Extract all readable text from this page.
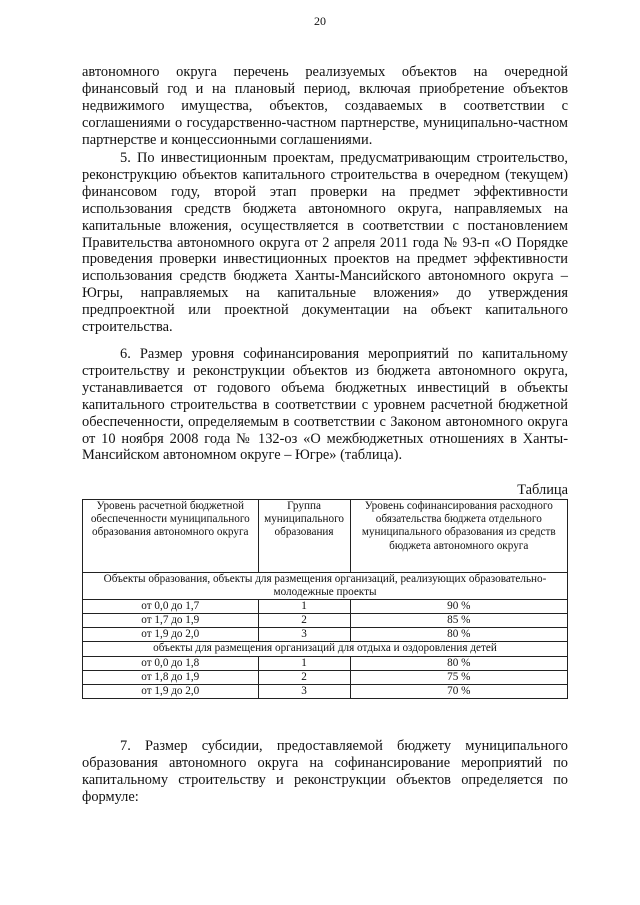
20

автономного округа перечень реализуемых объектов на очередной финансовый год и на плановый период, включая приобретение объектов недвижимого имущества, объектов, создаваемых в соответствии с соглашениями о государственно-частном партнерстве, муниципально-частном партнерстве и концессионными соглашениями.

5. По инвестиционным проектам, предусматривающим строительство, реконструкцию объектов капитального строительства в очередном (текущем) финансовом году, второй этап проверки на предмет эффективности использования средств бюджета автономного округа, направляемых на капитальные вложения, осуществляется в соответствии с постановлением Правительства автономного округа от 2 апреля 2011 года № 93-п «О Порядке проведения проверки инвестиционных проектов на предмет эффективности использования средств бюджета Ханты-Мансийского автономного округа – Югры, направляемых на капитальные вложения» до утверждения предпроектной или проектной документации на объект капитального строительства.

6. Размер уровня софинансирования мероприятий по капитальному строительству и реконструкции объектов из бюджета автономного округа, устанавливается от годового объема бюджетных инвестиций в объекты капитального строительства в соответствии с уровнем расчетной бюджетной обеспеченности, определяемым в соответствии с Законом автономного округа от 10 ноября 2008 года № 132-оз «О межбюджетных отношениях в Ханты-Мансийском автономном округе – Югре» (таблица).

Таблица
Уровень расчетной бюджетной обеспеченности муниципального образования автономного округа	Группа муниципального образования	Уровень софинансирования расходного обязательства бюджета отдельного муниципального образования из средств бюджета автономного округа
Объекты образования, объекты для размещения организаций, реализующих образовательно-молодежные проекты		
от 0,0 до 1,7	1	90 %
от 1,7 до 1,9	2	85 %
от 1,9 до 2,0	3	80 %
объекты для размещения организаций для отдыха и оздоровления детей		
от 0,0 до 1,8	1	80 %
от 1,8 до 1,9	2	75 %
от 1,9 до 2,0	3	70 %

7. Размер субсидии, предоставляемой бюджету муниципального образования автономного округа на софинансирование мероприятий по капитальному строительству и реконструкции объектов определяется по формуле:
